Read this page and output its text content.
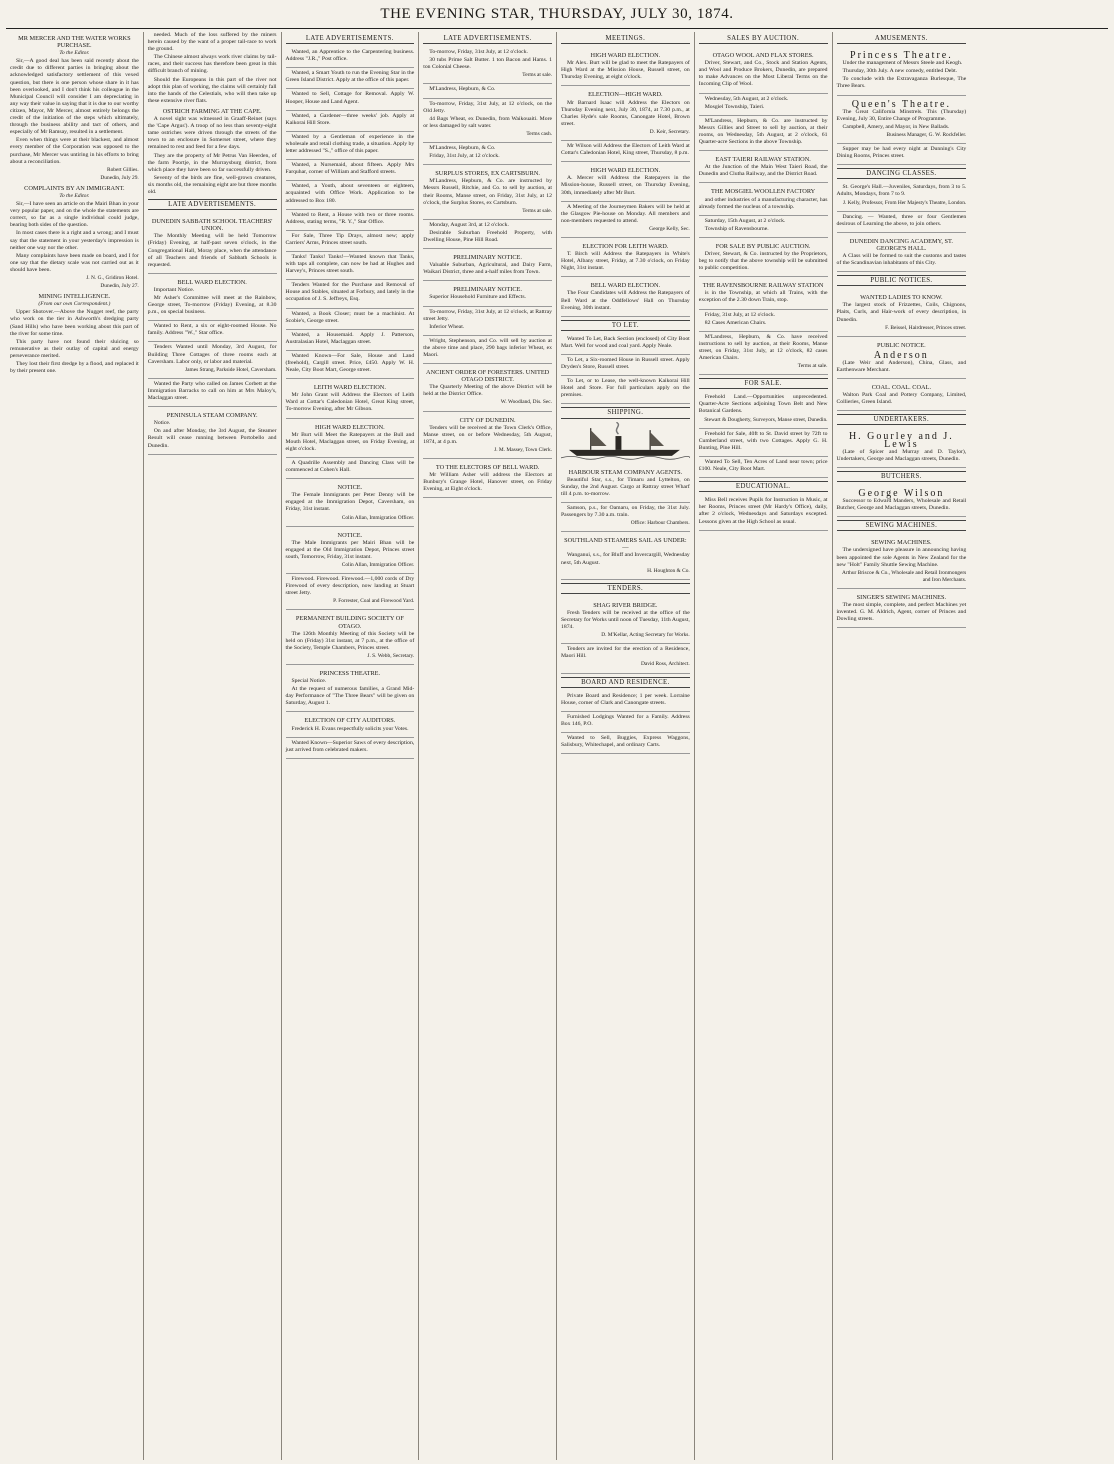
THE EVENING STAR, THURSDAY, JULY 30, 1874.
MR MERCER AND THE WATER WORKS PURCHASE.
To the Editor.

Sir,—A good deal has been said recently about the credit due to different parties in bringing about the acknowledged satisfactory settlement of this vexed question, but there is one person whose share in it has been overlooked, and I don't think his colleague in the Municipal Council will consider I am depreciating in any way their value in saying that it is due to our worthy citizen, Mayor, Mr Mercer, almost entirely belongs the credit of the initiation of the steps which ultimately, through the business ability and tact of others, and especially of Mr Ramsay, resulted in a settlement.

Even when things were at their blackest, and almost every member of the Corporation was opposed to the purchase, Mr Mercer was untiring in his efforts to bring about a reconciliation.

Robert Gillies.

Dunedin, July 29.

COMPLAINTS BY AN IMMIGRANT.
To the Editor.

Sir,—I have seen an article on the Mairi Bhan in your very popular paper, and on the whole the statements are correct, so far as a single individual could judge, bearing both sides of the question.

In most cases there is a right and a wrong; and I must say that the statement in your yesterday's impression is neither one way nor the other.

Many complaints have been made on board, and I for one say that the dietary scale was not carried out as it should have been.

J. N. G., Gridiron Hotel.

Dunedin, July 27.

MINING INTELLIGENCE.
(From our own Correspondent.)

Upper Shotover.—Above the Nugget reef, the party who work on the tier in Ashworth's dredging party (Sand Hills) who have been working about this part of the river for some time.

This party have not found their sluicing so remunerative as their outlay of capital and energy perseverance merited.

They lost their first dredge by a flood, and replaced it by their present one.

needed. Much of the loss suffered by the miners herein caused by the want of a proper tail-race to work the ground.

The Chinese almost always work river claims by tail-races, and their success has therefore been great in this difficult branch of mining.

Should the Europeans in this part of the river not adopt this plan of working, the claims will certainly fall into the hands of the Celestials, who will then take up these extensive river flats.

OSTRICH FARMING AT THE CAPE.

A novel sight was witnessed in Graaff-Reinet (says the 'Cape Argus'). A troop of no less than seventy-eight tame ostriches were driven through the streets of the town to an enclosure in Somerset street, where they remained to rest and feed for a few days.

They are the property of Mr Petrus Van Heerden, of the farm Poortje, in the Murraysburg district, from which place they have been so far successfully driven.

Seventy of the birds are fine, well-grown creatures, six months old, the remaining eight are but three months old.

LATE ADVERTISEMENTS.
DUNEDIN SABBATH SCHOOL TEACHERS' UNION.

The Monthly Meeting will be held Tomorrow (Friday) Evening, at half-past seven o'clock, in the Congregational Hall, Moray place, when the attendance of all Teachers and friends of Sabbath Schools is requested.

BELL WARD ELECTION.

Important Notice.

Mr Asher's Committee will meet at the Rainbow, George street, To-morrow (Friday) Evening, at 8.30 p.m., on special business.

Wanted to Rent, a six or eight-roomed House. No family. Address "W.," Star office.

Tenders Wanted until Monday, 3rd August, for Building Three Cottages of three rooms each at Caversham. Labor only, or labor and material.

James Strang, Parkside Hotel, Caversham.

Wanted the Party who called on James Corbett at the Immigration Barracks to call on him at Mrs Maloy's, Maclaggan street.

PENINSULA STEAM COMPANY.

Notice.

On and after Monday, the 3rd August, the Steamer Result will cease running between Portobello and Dunedin.

LATE ADVERTISEMENTS.

Wanted, an Apprentice to the Carpentering business. Address "J.R.," Post office.

Wanted, a Smart Youth to run the Evening Star in the Green Island District. Apply at the office of this paper.

Wanted to Sell, Cottage for Removal. Apply W. Hooper, House and Land Agent.

Wanted, a Gardener—three weeks' job. Apply at Kaikorai Hill Store.

Wanted by a Gentleman of experience in the wholesale and retail clothing trade, a situation. Apply by letter addressed "S.," office of this paper.

Wanted, a Nursemaid, about fifteen. Apply Mrs Farquhar, corner of William and Stafford streets.

Wanted, a Youth, about seventeen or eighteen, acquainted with Office Work. Application to be addressed to Box 180.

Wanted to Rent, a House with two or three rooms. Address, stating terms, "R. Y.," Star Office.

For Sale, Three Tip Drays, almost new; apply Carriers' Arms, Princes street south.

Tanks! Tanks! Tanks!—Wanted known that Tanks, with taps all complete, can now be had at Hughes and Harvey's, Princes street south.

Tenders Wanted for the Purchase and Removal of House and Stables, situated at Forbury, and lately in the occupation of J. S. Jeffreys, Esq.

Wanted, a Book Closer; must be a machinist. At Scobie's, George street.

Wanted, a Housemaid. Apply J. Patterson, Australasian Hotel, Maclaggan street.

Wanted Known—For Sale, House and Land (freehold), Cargill street. Price, £450. Apply W. H. Neale, City Boot Mart, George street.

LEITH WARD ELECTION.

Mr John Grant will Address the Electors of Leith Ward at Cottar's Caledonian Hotel, Great King street, To-morrow Evening, after Mr Gibson.

HIGH WARD ELECTION.

Mr Burt will Meet the Ratepayers at the Bull and Mouth Hotel, Maclaggan street, on Friday Evening, at eight o'clock.

A Quadrille Assembly and Dancing Class will be commenced at Cohen's Hall.

NOTICE.

The Female Immigrants per Peter Denny will be engaged at the Immigration Depot, Caversham, on Friday, 31st instant.

Colin Allan, Immigration Officer.

NOTICE.

The Male Immigrants per Mairi Bhan will be engaged at the Old Immigration Depot, Princes street south, Tomorrow, Friday, 31st instant.

Colin Allan, Immigration Officer.

Firewood. Firewood. Firewood.—1,000 cords of Dry Firewood of every description, now landing at Stuart street Jetty.

P. Forrester, Coal and Firewood Yard.

PERMANENT BUILDING SOCIETY OF OTAGO.

The 126th Monthly Meeting of this Society will be held on (Friday) 31st instant, at 7 p.m., at the office of the Society, Temple Chambers, Princes street.

J. S. Webb, Secretary.

PRINCESS THEATRE.

Special Notice.

At the request of numerous families, a Grand Mid-day Performance of "The Three Bears" will be given on Saturday, August 1.

ELECTION OF CITY AUDITORS.

Frederick H. Evans respectfully solicits your Votes.

Wanted Known—Superior Saws of every description, just arrived from celebrated makers.

LATE ADVERTISEMENTS.

To-morrow, Friday, 31st July, at 12 o'clock.

30 tubs Prime Salt Butter. 1 ton Bacon and Hams. 1 ton Colonial Cheese.

Terms at sale.

M'Landress, Hepburn, & Co.

To-morrow, Friday, 31st July, at 12 o'clock, on the Old Jetty.

44 Bags Wheat, ex Dunedin, from Waikouaiti. More or less damaged by salt water.

Terms cash.

M'Landress, Hepburn, & Co.

Friday, 31st July, at 12 o'clock.

SURPLUS STORES, EX CARTSBURN.

M'Landress, Hepburn, & Co. are instructed by Messrs Russell, Ritchie, and Co. to sell by auction, at their Rooms, Manse street, on Friday, 31st July, at 12 o'clock, the Surplus Stores, ex Cartsburn.

Terms at sale.

Monday, August 3rd, at 12 o'clock.

Desirable Suburban Freehold Property, with Dwelling House, Pine Hill Road.

PRELIMINARY NOTICE.

Valuable Suburban, Agricultural, and Dairy Farm, Waikari District, three and a-half miles from Town.

PRELIMINARY NOTICE.

Superior Household Furniture and Effects.

To-morrow, Friday, 31st July, at 12 o'clock, at Rattray street Jetty.

Inferior Wheat.

Wright, Stephenson, and Co. will sell by auction at the above time and place, 290 bags inferior Wheat, ex Maori.

ANCIENT ORDER OF FORESTERS. UNITED OTAGO DISTRICT.

The Quarterly Meeting of the above District will be held at the District Office.

W. Woodland, Dis. Sec.

CITY OF DUNEDIN.

Tenders will be received at the Town Clerk's Office, Manse street, on or before Wednesday, 5th August, 1874, at 4 p.m.

J. M. Massey, Town Clerk.

TO THE ELECTORS OF BELL WARD.

Mr William Asher will address the Electors at Bunbury's Grange Hotel, Hanover street, on Friday Evening, at Eight o'clock.

MEETINGS.
HIGH WARD ELECTION.

Mr Alex. Burt will be glad to meet the Ratepayers of High Ward at the Mission House, Russell street, on Thursday Evening, at eight o'clock.

ELECTION—HIGH WARD.

Mr Barnard Isaac will Address the Electors on Thursday Evening next, July 30, 1874, at 7.30 p.m., at Charles Hyde's sale Rooms, Canongate Hotel, Brown street.

D. Keir, Secretary.

Mr Wilson will Address the Electors of Leith Ward at Cottar's Caledonian Hotel, King street, Thursday, 8 p.m.

HIGH WARD ELECTION.

A. Mercer will Address the Ratepayers in the Mission-house, Russell street, on Thursday Evening, 30th, immediately after Mr Burt.

A Meeting of the Journeymen Bakers will be held at the Glasgow Pie-house on Monday. All members and non-members requested to attend.

George Kelly, Sec.

ELECTION FOR LEITH WARD.

T. Birch will Address the Ratepayers in White's Hotel, Albany street, Friday, at 7.30 o'clock, on Friday Night, 31st instant.

BELL WARD ELECTION.

The Four Candidates will Address the Ratepayers of Bell Ward at the Oddfellows' Hall on Thursday Evening, 30th instant.

TO LET.

Wanted To Let, Back Section (enclosed) of City Boot Mart. Well for wood and coal yard. Apply Neale.

To Let, a Six-roomed House in Russell street. Apply Dryden's Store, Russell street.

To Let, or to Lease, the well-known Kaikorai Hill Hotel and Store. For full particulars apply on the premises.

SHIPPING.
HARBOUR STEAM COMPANY AGENTS.

Beautiful Star, s.s., for Timaru and Lyttelton, on Sunday, the 2nd August. Cargo at Rattray street Wharf till 4 p.m. to-morrow.

Samson, p.s., for Oamaru, on Friday, the 31st July. Passengers by 7.30 a.m. train.

Office: Harbour Chambers.

SOUTHLAND STEAMERS SAIL AS UNDER:—

Wanganui, s.s., for Bluff and Invercargill, Wednesday next, 5th August.

H. Houghton & Co.

TENDERS.
SHAG RIVER BRIDGE.

Fresh Tenders will be received at the office of the Secretary for Works until noon of Tuesday, 11th August, 1874.

D. M'Kellar, Acting Secretary for Works.

Tenders are invited for the erection of a Residence, Maori Hill.

David Ross, Architect.

BOARD AND RESIDENCE.

Private Board and Residence; 1 per week. Lorraine House, corner of Clark and Canongate streets.

Furnished Lodgings Wanted for a Family. Address Box 146, P.O.

Wanted to Sell, Buggies, Express Waggons, Salisbury, Whitechapel, and ordinary Carts.

SALES BY AUCTION.
OTAGO WOOL AND FLAX STORES.

Driver, Stewart, and Co., Stock and Station Agents, and Wool and Produce Brokers, Dunedin, are prepared to make Advances on the Most Liberal Terms on the Incoming Clip of Wool.

Wednesday, 5th August, at 2 o'clock.

Mosgiel Township, Taieri.

M'Landress, Hepburn, & Co. are instructed by Messrs Gillies and Street to sell by auction, at their rooms, on Wednesday, 5th August, at 2 o'clock, 61 Quarter-acre Sections in the above Township.

EAST TAIERI RAILWAY STATION.

At the Junction of the Main West Taieri Road, the Dunedin and Clutha Railway, and the District Road.

THE MOSGIEL WOOLLEN FACTORY

and other industries of a manufacturing character, has already formed the nucleus of a township.

Saturday, 15th August, at 2 o'clock.

Township of Ravensbourne.

FOR SALE BY PUBLIC AUCTION.

Driver, Stewart, & Co. instructed by the Proprietors, beg to notify that the above township will be submitted to public competition.

THE RAVENSBOURNE RAILWAY STATION

is in the Township, at which all Trains, with the exception of the 2.30 down Train, stop.

Friday, 31st July, at 12 o'clock.

82 Cases American Chairs.

M'Landress, Hepburn, & Co. have received instructions to sell by auction, at their Rooms, Manse street, on Friday, 31st July, at 12 o'clock, 82 cases American Chairs.

Terms at sale.

FOR SALE.

Freehold Land.—Opportunities unprecedented. Quarter-Acre Sections adjoining Town Belt and New Botanical Gardens.

Stewart & Dougherty, Surveyors, Manse street, Dunedin.

Freehold for Sale, 40ft to St. David street by 72ft to Cumberland street, with two Cottages. Apply G. H. Bunting, Pine Hill.

Wanted To Sell, Ten Acres of Land near town; price £100. Neale, City Boot Mart.

EDUCATIONAL.

Miss Bell receives Pupils for Instruction in Music, at her Rooms, Princes street (Mr Hardy's Office), daily, after 2 o'clock, Wednesdays and Saturdays excepted. Lessons given at the High School as usual.

AMUSEMENTS.
Princess Theatre.

Under the management of Messrs Steele and Keogh.

Thursday, 30th July. A new comedy, entitled Debt.

To conclude with the Extravaganza Burlesque, The Three Bears.

Queen's Theatre.

The Great California Minstrels. This (Thursday) Evening, July 30, Entire Change of Programme.

Campbell, Amery, and Mayor, in New Ballads.

Business Manager, G. W. Rockfeller.

Supper may be had every night at Dunning's City Dining Rooms, Princes street.

DANCING CLASSES.

St. George's Hall.—Juveniles, Saturdays, from 3 to 5. Adults, Mondays, from 7 to 9.

J. Kelly, Professor, From Her Majesty's Theatre, London.

Dancing. — Wanted, three or four Gentlemen desirous of Learning the above, to join others.

DUNEDIN DANCING ACADEMY, ST. GEORGE'S HALL.

A Class will be formed to suit the customs and tastes of the Scandinavian inhabitants of this City.

PUBLIC NOTICES.
WANTED LADIES TO KNOW.

The largest stock of Frizzettes, Coils, Chignons, Plaits, Curls, and Hair-work of every description, in Dunedin.

F. Beissel, Hairdresser, Princes street.

PUBLIC NOTICE.
Anderson

(Late Weir and Anderson), China, Glass, and Earthenware Merchant.

COAL. COAL. COAL.

Walton Park Coal and Pottery Company, Limited, Collieries, Green Island.

UNDERTAKERS.
H. Gourley and J. Lewis

(Late of Spicer and Murray and D. Taylor), Undertakers, George and Maclaggan streets, Dunedin.

BUTCHERS.
George Wilson

Successor to Edward Manders, Wholesale and Retail Butcher, George and Maclaggan streets, Dunedin.

SEWING MACHINES.
SEWING MACHINES.

The undersigned have pleasure in announcing having been appointed the sole Agents in New Zealand for the new "Holt" Family Shuttle Sewing Machine.

Arthur Briscoe & Co., Wholesale and Retail Ironmongers and Iron Merchants.

SINGER'S SEWING MACHINES.

The most simple, complete, and perfect Machines yet invented. G. M. Aldrich, Agent, corner of Princes and Dowling streets.
